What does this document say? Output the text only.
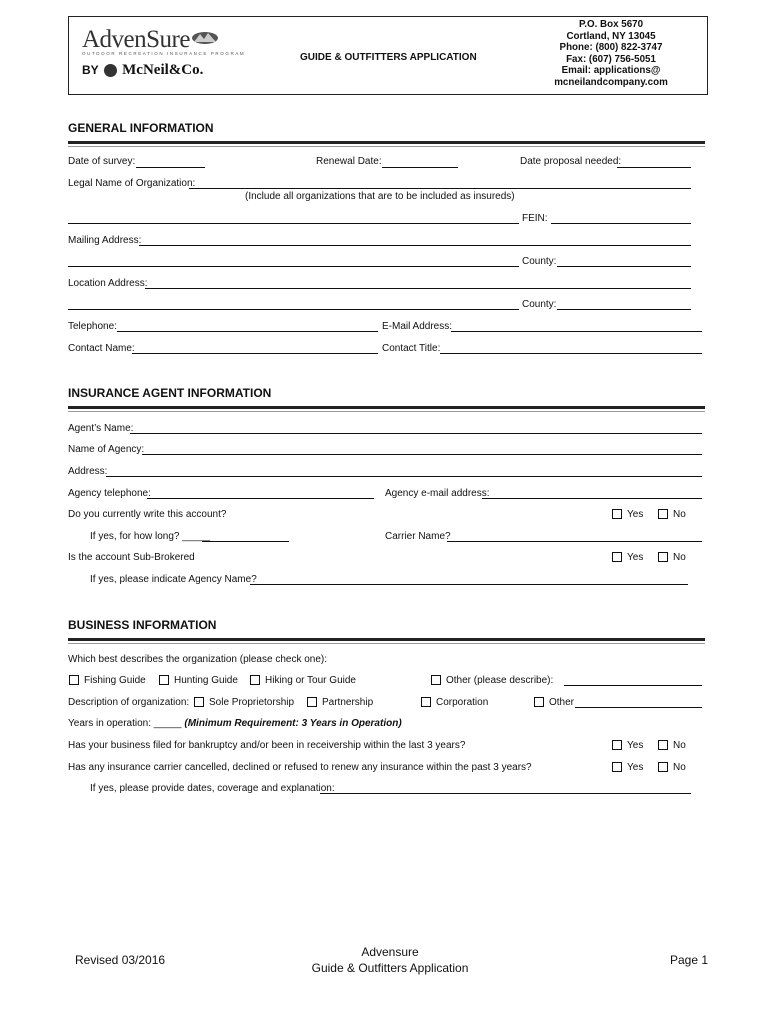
AdvenSure
OUTDOOR RECREATION INSURANCE PROGRAM
BY McNeil&Co.
GUIDE & OUTFITTERS APPLICATION
P.O. Box 5670
Cortland, NY 13045
Phone: (800) 822-3747
Fax: (607) 756-5051
Email: applications@
mcneilandcompany.com
GENERAL INFORMATION
Date of survey:	Renewal Date:	Date proposal needed:
Legal Name of Organization:
(Include all organizations that are to be included as insureds)
FEIN:
Mailing Address:
County:
Location Address:
County:
Telephone:	E-Mail Address:
Contact Name:	Contact Title:
INSURANCE AGENT INFORMATION
Agent’s Name:
Name of Agency:
Address:
Agency telephone:	Agency e-mail address:
Do you currently write this account?	Yes	No
If yes, for how long? _____	Carrier Name?
Is the account Sub-Brokered	Yes	No
If yes, please indicate Agency Name?
BUSINESS INFORMATION
Which best describes the organization (please check one):
Fishing Guide	Hunting Guide	Hiking or Tour Guide	Other (please describe):
Description of organization: Sole Proprietorship	Partnership	Corporation	Other
Years in operation: _____ (Minimum Requirement: 3 Years in Operation)
Has your business filed for bankruptcy and/or been in receivership within the last 3 years?	Yes	No
Has any insurance carrier cancelled, declined or refused to renew any insurance within the past 3 years?	Yes	No
If yes, please provide dates, coverage and explanation:
Revised 03/2016
Advensure
Guide & Outfitters Application
Page 1
